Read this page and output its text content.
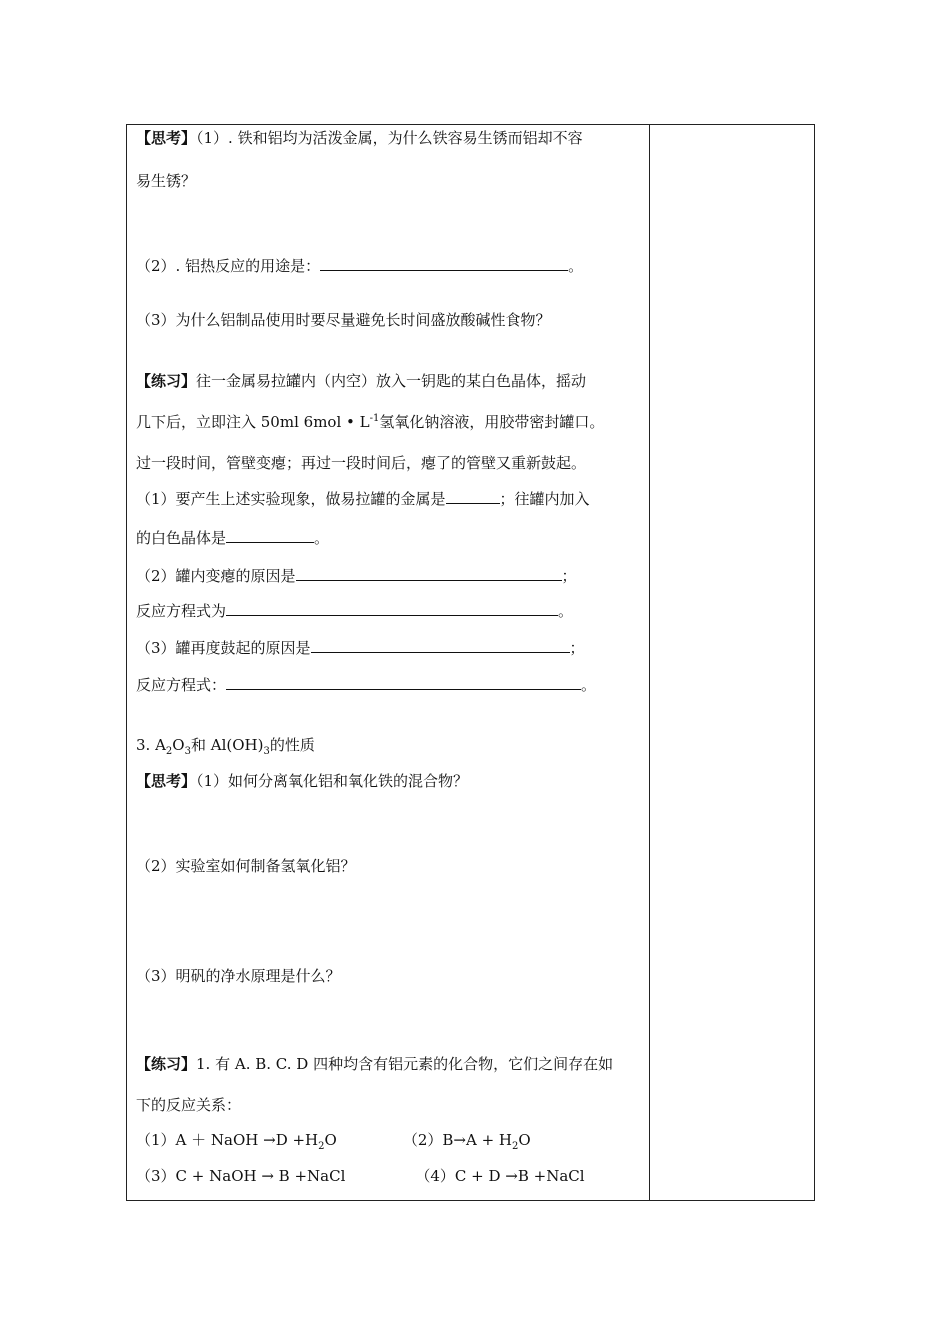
【思考】（1）. 铁和铝均为活泼金属，为什么铁容易生锈而铝却不容
易生锈？
（2）. 铝热反应的用途是：	。
（3）为什么铝制品使用时要尽量避免长时间盛放酸碱性食物？
【练习】往一金属易拉罐内（内空）放入一钥匙的某白色晶体，摇动
几下后，立即注入 50ml 6mol • $L^{-1}$氢氧化钠溶液，用胶带密封罐口。
过一段时间，管壁变瘪；再过一段时间后，瘪了的管壁又重新鼓起。
（1）要产生上述实验现象，做易拉罐的金属是	；往罐内加入
的白色晶体是	。
（2）罐内变瘪的原因是	；
反应方程式为	。
（3）罐再度鼓起的原因是	；
反应方程式：	。
3. $A_2O_3$和 $Al(OH)_3$的性质
【思考】（1）如何分离氧化铝和氧化铁的混合物？
（2）实验室如何制备氢氧化铝？
（3）明矾的净水原理是什么？
【练习】1. 有 A. B. C. D 四种均含有铝元素的化合物，它们之间存在如
下的反应关系：
（1）A ＋ NaOH $\to D +H_2O$	$(2)B\to A + H_2O$
（3）C + NaOH → B +NaCl	（4）C + D →B +NaCl
